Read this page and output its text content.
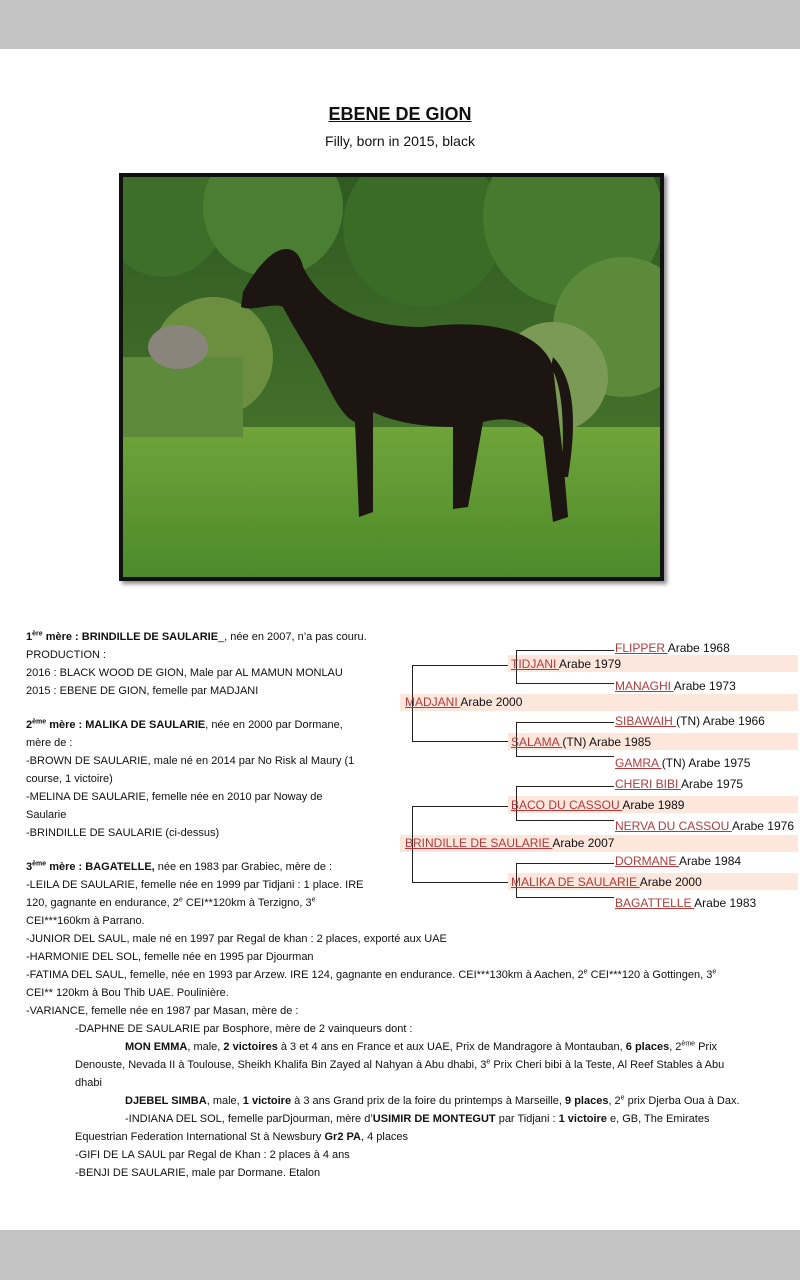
EBENE DE GION
Filly, born in 2015, black
1ère mère : BRINDILLE DE SAULARIE_, née en 2007, n’a pas couru.
PRODUCTION :
2016 : BLACK WOOD DE GION, Male par AL MAMUN MONLAU
2015 : EBENE DE GION, femelle par MADJANI
2ème mère : MALIKA DE SAULARIE, née en 2000 par Dormane,
mère de :
-BROWN DE SAULARIE, male né en 2014 par No Risk al Maury (1
course, 1 victoire)
-MELINA DE SAULARIE, femelle née en 2010 par Noway de
Saularie
-BRINDILLE DE SAULARIE (ci-dessus)
3ème mère : BAGATELLE, née en 1983 par Grabiec, mère de :
-LEILA DE SAULARIE, femelle née en 1999 par Tidjani : 1 place. IRE
120, gagnante en endurance, 2e CEI**120km à Terzigno, 3e
CEI***160km à Parrano.
-JUNIOR DEL SAUL, male né en 1997 par Regal de khan : 2 places, exporté aux UAE
-HARMONIE DEL SOL, femelle née en 1995 par Djourman
-FATIMA DEL SAUL, femelle, née en 1993 par Arzew. IRE 124, gagnante en endurance. CEI***130km à Aachen, 2e CEI***120 à Gottingen, 3e
CEI** 120km à Bou Thib UAE. Poulinière.
-VARIANCE, femelle née en 1987 par Masan, mère de :
-DAPHNE DE SAULARIE par Bosphore, mère de 2 vainqueurs dont :
MON EMMA, male, 2 victoires à 3 et 4 ans en France et aux UAE, Prix de Mandragore à Montauban, 6 places, 2ème Prix
Denouste, Nevada II à Toulouse, Sheikh Khalifa Bin Zayed al Nahyan à Abu dhabi, 3e Prix Cheri bibi à la Teste, Al Reef Stables à Abu
dhabi
DJEBEL SIMBA, male, 1 victoire à 3 ans Grand prix de la foire du printemps à Marseille, 9 places, 2e prix Djerba Oua à Dax.
-INDIANA DEL SOL, femelle parDjourman, mère d’USIMIR DE MONTEGUT par Tidjani : 1 victoire e, GB, The Emirates
Equestrian Federation International St à Newsbury Gr2 PA, 4 places
-GIFI DE LA SAUL par Regal de Khan : 2 places à 4 ans
-BENJI DE SAULARIE, male par Dormane. Etalon
FLIPPER Arabe 1968
TIDJANI Arabe 1979
MANAGHI Arabe 1973
MADJANI Arabe 2000
SIBAWAIH (TN) Arabe 1966
SALAMA (TN) Arabe 1985
GAMRA (TN) Arabe 1975
CHERI BIBI Arabe 1975
BACO DU CASSOU Arabe 1989
NERVA DU CASSOU Arabe 1976
BRINDILLE DE SAULARIE Arabe 2007
DORMANE Arabe 1984
MALIKA DE SAULARIE Arabe 2000
BAGATTELLE Arabe 1983
